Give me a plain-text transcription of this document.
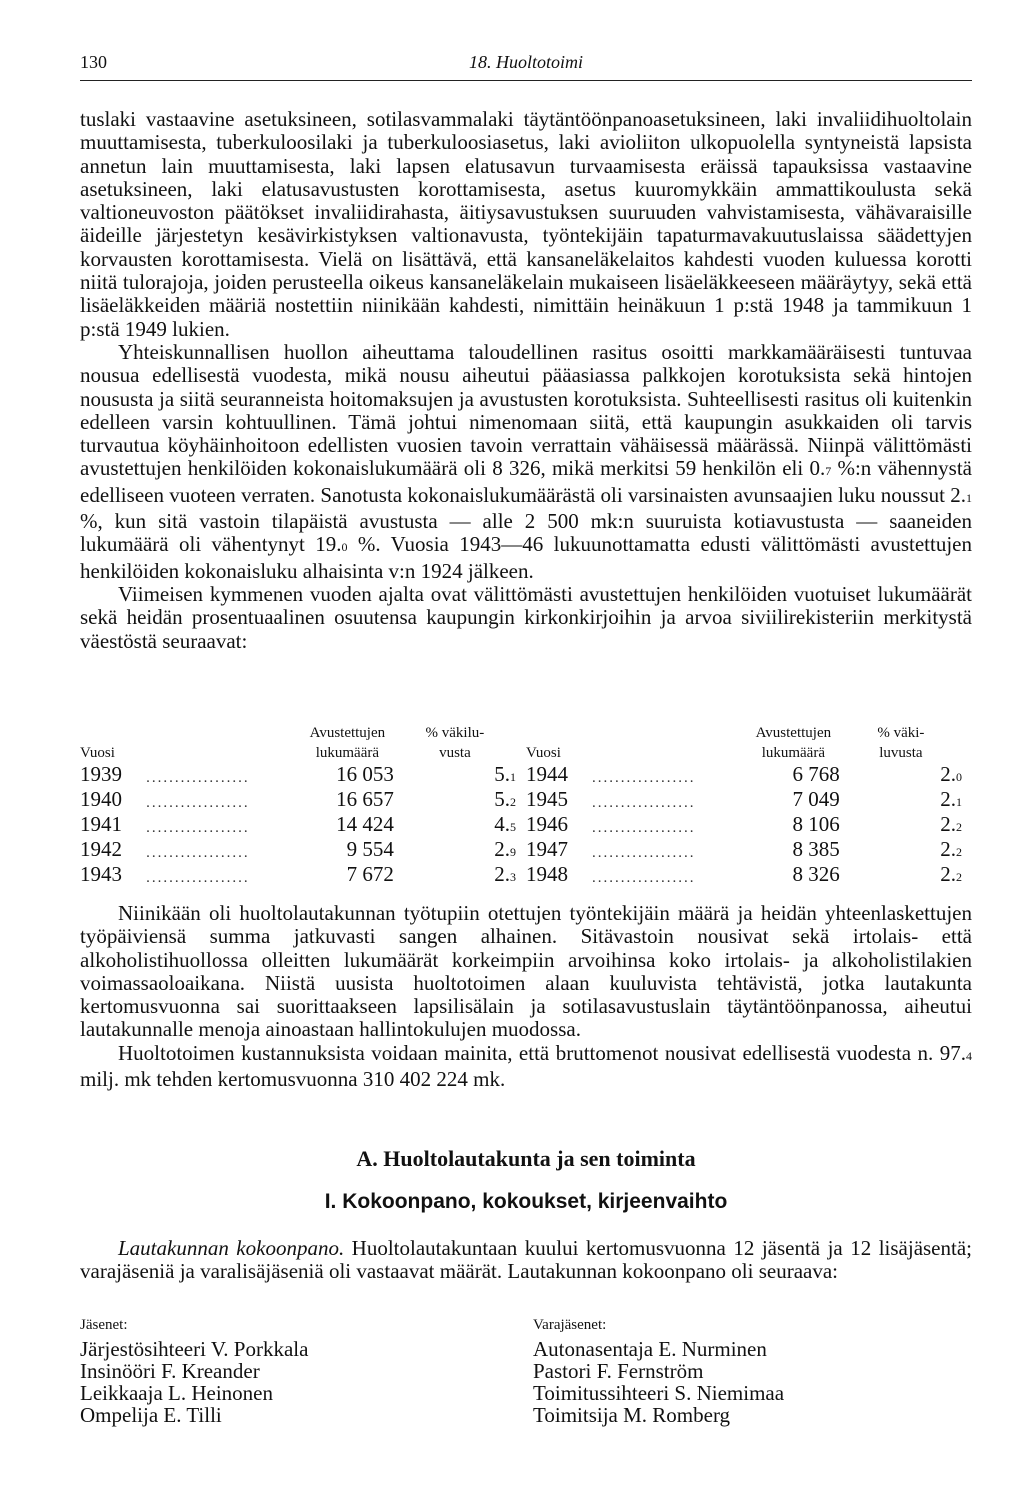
130	18. Huoltotoimi

tuslaki vastaavine asetuksineen, sotilasvammalaki täytäntöönpanoasetuksineen, laki invaliidihuoltolain muuttamisesta, tuberkuloosilaki ja tuberkuloosiasetus, laki avioliiton ulkopuolella syntyneistä lapsista annetun lain muuttamisesta, laki lapsen elatusavun turvaamisesta eräissä tapauksissa vastaavine asetuksineen, laki elatusavustusten korottamisesta, asetus kuuromykkäin ammattikoulusta sekä valtioneuvoston päätökset invaliidirahasta, äitiysavustuksen suuruuden vahvistamisesta, vähävaraisille äideille järjestetyn kesävirkistyksen valtionavusta, työntekijäin tapaturmavakuutuslaissa säädettyjen korvausten korottamisesta. Vielä on lisättävä, että kansaneläkelaitos kahdesti vuoden kuluessa korotti niitä tulorajoja, joiden perusteella oikeus kansaneläkelain mukaiseen lisäeläkkeeseen määräytyy, sekä että lisäeläkkeiden määriä nostettiin niinikään kahdesti, nimittäin heinäkuun 1 p:stä 1948 ja tammikuun 1 p:stä 1949 lukien.

Yhteiskunnallisen huollon aiheuttama taloudellinen rasitus osoitti markkamääräisesti tuntuvaa nousua edellisestä vuodesta, mikä nousu aiheutui pääasiassa palkkojen korotuksista sekä hintojen noususta ja siitä seuranneista hoitomaksujen ja avustusten korotuksista. Suhteellisesti rasitus oli kuitenkin edelleen varsin kohtuullinen. Tämä johtui nimenomaan siitä, että kaupungin asukkaiden oli tarvis turvautua köyhäinhoitoon edellisten vuosien tavoin verrattain vähäisessä määrässä. Niinpä välittömästi avustettujen henkilöiden kokonaislukumäärä oli 8 326, mikä merkitsi 59 henkilön eli 0.7 %:n vähennystä edelliseen vuoteen verraten. Sanotusta kokonaislukumäärästä oli varsinaisten avunsaajien luku noussut 2.1 %, kun sitä vastoin tilapäistä avustusta — alle 2 500 mk:n suuruista kotiavustusta — saaneiden lukumäärä oli vähentynyt 19.0 %. Vuosia 1943—46 lukuunottamatta edusti välittömästi avustettujen henkilöiden kokonaisluku alhaisinta v:n 1924 jälkeen.

Viimeisen kymmenen vuoden ajalta ovat välittömästi avustettujen henkilöiden vuotuiset lukumäärät sekä heidän prosentuaalinen osuutensa kaupungin kirkonkirjoihin ja arvoa siviilirekisteriin merkitystä väestöstä seuraavat:

		Avustettujen	% väkilu-			Avustettujen	% väki-
Vuosi		lukumäärä	vusta	Vuosi		lukumäärä	luvusta
1939	..................	16 053	5.1	1944	..................	6 768	2.0
1940	..................	16 657	5.2	1945	..................	7 049	2.1
1941	..................	14 424	4.5	1946	..................	8 106	2.2
1942	..................	9 554	2.9	1947	..................	8 385	2.2
1943	..................	7 672	2.3	1948	..................	8 326	2.2

Niinikään oli huoltolautakunnan työtupiin otettujen työntekijäin määrä ja heidän yhteenlaskettujen työpäiviensä summa jatkuvasti sangen alhainen. Sitävastoin nousivat sekä irtolais- että alkoholistihuollossa olleitten lukumäärät korkeimpiin arvoihinsa koko irtolais- ja alkoholistilakien voimassaoloaikana. Niistä uusista huoltotoimen alaan kuuluvista tehtävistä, jotka lautakunta kertomusvuonna sai suorittaakseen lapsilisälain ja sotilasavustuslain täytäntöönpanossa, aiheutui lautakunnalle menoja ainoastaan hallintokulujen muodossa.

Huoltotoimen kustannuksista voidaan mainita, että bruttomenot nousivat edellisestä vuodesta n. 97.4 milj. mk tehden kertomusvuonna 310 402 224 mk.

A. Huoltolautakunta ja sen toiminta
I. Kokoonpano, kokoukset, kirjeenvaihto

Lautakunnan kokoonpano. Huoltolautakuntaan kuului kertomusvuonna 12 jäsentä ja 12 lisäjäsentä; varajäseniä ja varalisäjäseniä oli vastaavat määrät. Lautakunnan kokoonpano oli seuraava:

Jäsenet:
Järjestösihteeri V. Porkkala
Insinööri F. Kreander
Leikkaaja L. Heinonen
Ompelija E. Tilli
Varajäsenet:
Autonasentaja E. Nurminen
Pastori F. Fernström
Toimitussihteeri S. Niemimaa
Toimitsija M. Romberg
